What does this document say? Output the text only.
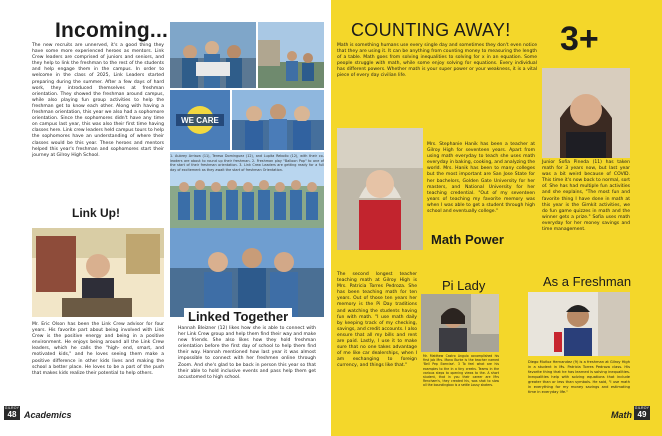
Incoming...
The new recruits are unnerved, it's a good thing they have some more experienced heroes as mentors. Link Crew leaders are comprised of juniors and seniors, and they help to link the freshman to the rest of the students and help engage them in the campus. In order to welcome in the class of 2025, Link Leaders started preparing during the summer. After a few days of hard work, they introduced themselves at freshman orientation. They showed the freshman around campus, while also playing fun group activities to help the freshman get to know each other. Along with having a freshman orientation, this year we also had a sophomore orientation. Since the sophomores didn't have any time on campus last year, this was also their first time having classes here. Link crew leaders held campus tours to help the sophomores have an understanding of where their classes would be this year. These heroes and mentors helped this year's freshman and sophomores start their journey at Gilroy High School.
WE CARE
1. Aubrey Arriaza (11), Teresa Dominguez (12), and Lupita Rebollo (12), with their co-leaders are about to round up their freshman. 2. Freshman play "Balloon Pop" to one of the start of their freshman orientation. 3. Link Crew Leaders are getting ready for a full day of excitement as they await the start of freshman Orientation.
Link Up!
Mr. Eric Olson has been the Link Crew advisor for four years. His favorite part about being involved with Link Crew is the positive energy and being in a positive environment. He enjoys being around all the Link Crew leaders, which he calls the "high- end, smart, and motivated kids," and he loves seeing them make a positive difference in other kids lives and making the school a better place. He loves to be a part of the push that makes kids realize their potential to help others.
Linked Together
Hannah Bleizner (12) likes how she is able to connect with her Link Crew group and help them find their way and make new friends. She also likes how they hold freshman orientation before the first day of school to help them find their way. Hannah mentioned how last year it was almost impossible to connect with her freshmen online through Zoom. And she's glad to be back in person this year so that their able to hold inclusive events and pass help them get accustomed to high school.
GILROY
48 Academics
COUNTING AWAY!
Math is something humans use every single day and sometimes they don't even notice that they are using it. It can be anything from counting money to measuring the length of a table. Math goes from solving inequalities to solving for x in an equation. Some people struggle with math, while some enjoy solving for equations. Every individual has different powers. Whether math is your super power or your weakness, it is a vital piece of every day civilian life.
3+
Junior Sofia Pineda (11) has taken math for 3 years now, but last year was a bit weird because of COVID. This time it's now back to normal, sort of. She has had multiple fun activities and she explains, "The most fun and favorite thing I have done in math at this year is the Gimkit activities, we do fun game quizzes in math and the winner gets a prize." Sofia uses math everyday for her money savings and time management.
Mrs. Stephanie Hanik has been a teacher at Gilroy High for seventeen years. Apart from using math everyday to teach she uses math everyday in baking, cooking, and analyzing the world. Mrs. Hanik has been to many colleges but the most important are San Jose State for her bachelors, Golden Gate University for her masters, and National University for her teaching credential. "Out of my seventeen years of teaching my favorite memory was when I was able to get a student through high school and eventually college."
Math Power
The second longest teacher teaching math at Gilroy High is Mrs. Patricia Torres Pedroza. She has been teaching math for ten years. Out of those ten years her memory is the Pi Day traditions and watching the students having fun with math. "I use math daily by keeping track of my checking, savings, and credit accounts. I also ensure that all my bills and rent are paid. Lastly, I use it to make sure that no one takes advantage of me like car dealerships, when I am exchanging to foreign currency, and things like that."
Pi Lady
Mr. Matthew Castro Angulo accomplished his first job Mrs. Mona Burke is the teacher named 'Bell Pep Exercise'. 3 To feel what are his examples to the in a tiny creeks. Teams in the various steps to opening views to the. A short student, that in you their career are Mrs Rencham's, they created his, was shot to slow all the boundingbox is a settle Lousy skaters.
As a Freshman
Diego Muñoz Hernandez (9) is a freshman at Gilroy High in a student in Ms. Patricia Torres Pedroza class. His favorite thing that he has learned is solving inequalities. Inequalities help with solving equations that include greater than or less than symbols. He said, "I use math in everything for my money savings and estimating time in everyday life."
Math
GILROY
49
